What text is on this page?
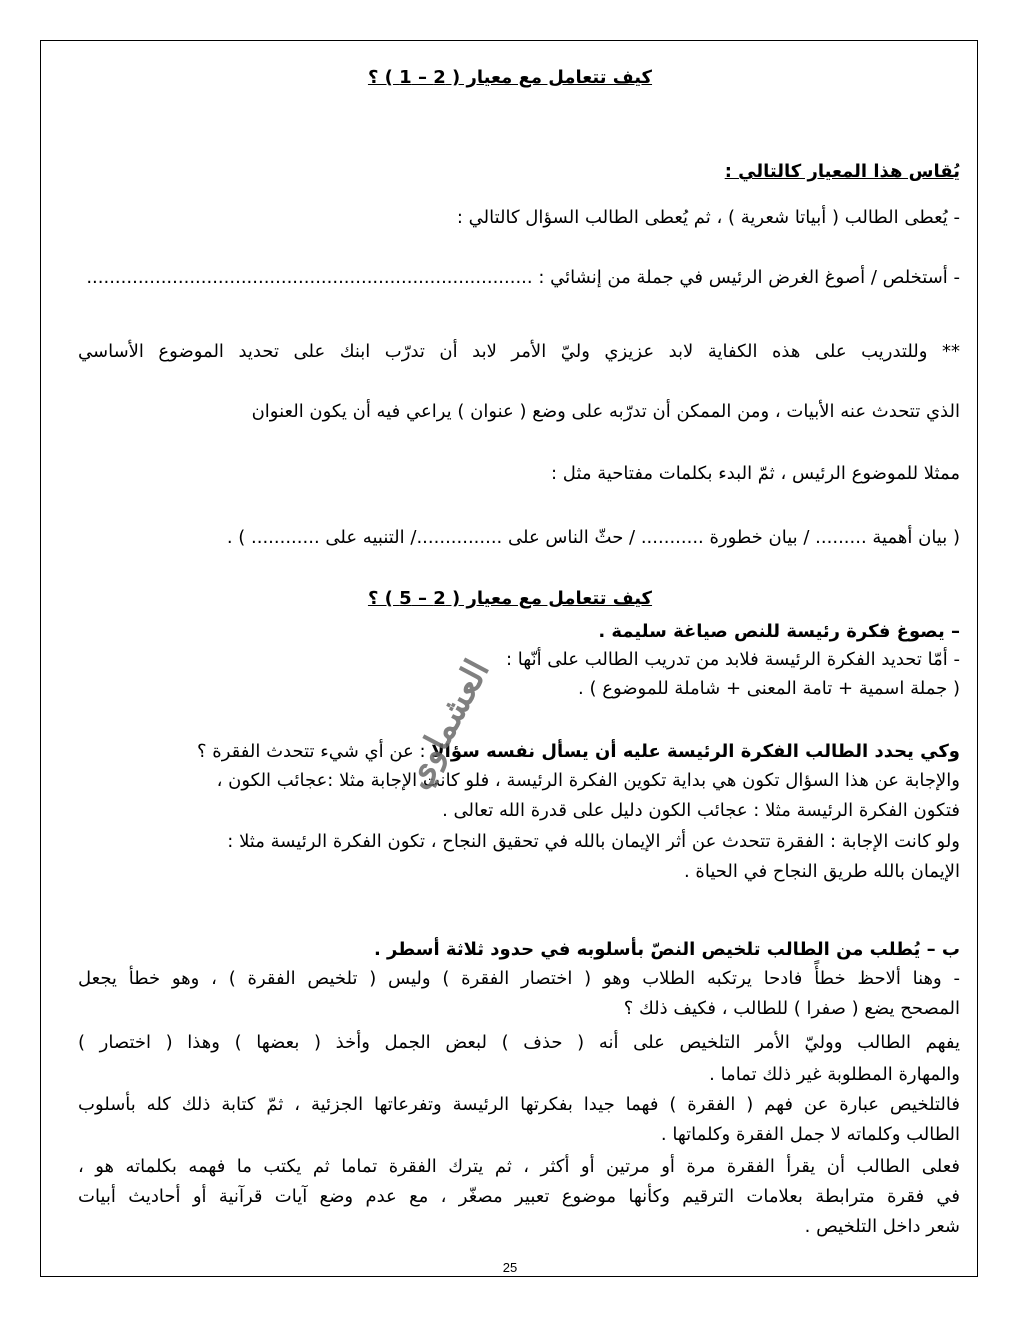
كيف تتعامل مع معيار ( 2 – 1 ) ؟
يُقاس هذا المعيار كالتالي :
- يُعطى الطالب ( أبياتا شعرية ) ، ثم يُعطى الطالب السؤال كالتالي :
- أستخلص / أصوغ الغرض الرئيس في جملة من إنشائي : ..............................................................................
** وللتدريب على هذه الكفاية لابد عزيزي وليّ الأمر لابد أن تدرّب ابنك على تحديد الموضوع الأساسي
الذي تتحدث عنه الأبيات ، ومن الممكن أن تدرّبه على وضع ( عنوان ) يراعي فيه أن يكون العنوان
ممثلا للموضوع الرئيس ، ثمّ البدء بكلمات مفتاحية مثل :
( بيان أهمية ......... / بيان خطورة ........... / حثّ الناس على .............../ التنبيه على ............ ) .
كيف تتعامل مع معيار ( 2 – 5 ) ؟
– يصوغ فكرة رئيسة للنص صياغة سليمة .
- أمّا تحديد الفكرة الرئيسة فلابد من تدريب الطالب على أنّها :
( جملة اسمية + تامة المعنى + شاملة للموضوع ) .
وكي يحدد الطالب الفكرة الرئيسة عليه أن يسأل نفسه سؤالا : عن أي شيء تتحدث الفقرة ؟
والإجابة عن هذا السؤال تكون هي بداية تكوين الفكرة الرئيسة ، فلو كانت الإجابة مثلا :عجائب الكون ،
فتكون الفكرة الرئيسة مثلا : عجائب الكون دليل على قدرة الله تعالى .
ولو كانت الإجابة : الفقرة تتحدث عن أثر الإيمان بالله في تحقيق النجاح ، تكون الفكرة الرئيسة مثلا :
الإيمان بالله طريق النجاح في الحياة .
ب – يُطلب من الطالب تلخيص النصّ بأسلوبه في حدود ثلاثة أسطر .
- وهنا ألاحظ خطأً فادحا يرتكبه الطلاب وهو ( اختصار الفقرة ) وليس ( تلخيص الفقرة ) ، وهو خطأ يجعل
المصحح يضع ( صفرا ) للطالب ، فكيف ذلك ؟
يفهم الطالب ووليّ الأمر التلخيص على أنه ( حذف ) لبعض الجمل وأخذ ( بعضها ) وهذا ( اختصار )
والمهارة المطلوبة غير ذلك تماما .
فالتلخيص عبارة عن فهم ( الفقرة ) فهما جيدا بفكرتها الرئيسة وتفرعاتها الجزئية ، ثمّ كتابة ذلك كله بأسلوب
الطالب وكلماته لا جمل الفقرة وكلماتها .
فعلى الطالب أن يقرأ الفقرة مرة أو مرتين أو أكثر ، ثم يترك الفقرة تماما ثم يكتب ما فهمه بكلماته هو ،
في فقرة مترابطة بعلامات الترقيم وكأنها موضوع تعبير مصغّر ، مع عدم وضع آيات قرآنية أو أحاديث أبيات
شعر داخل التلخيص .
العشماوي
25
